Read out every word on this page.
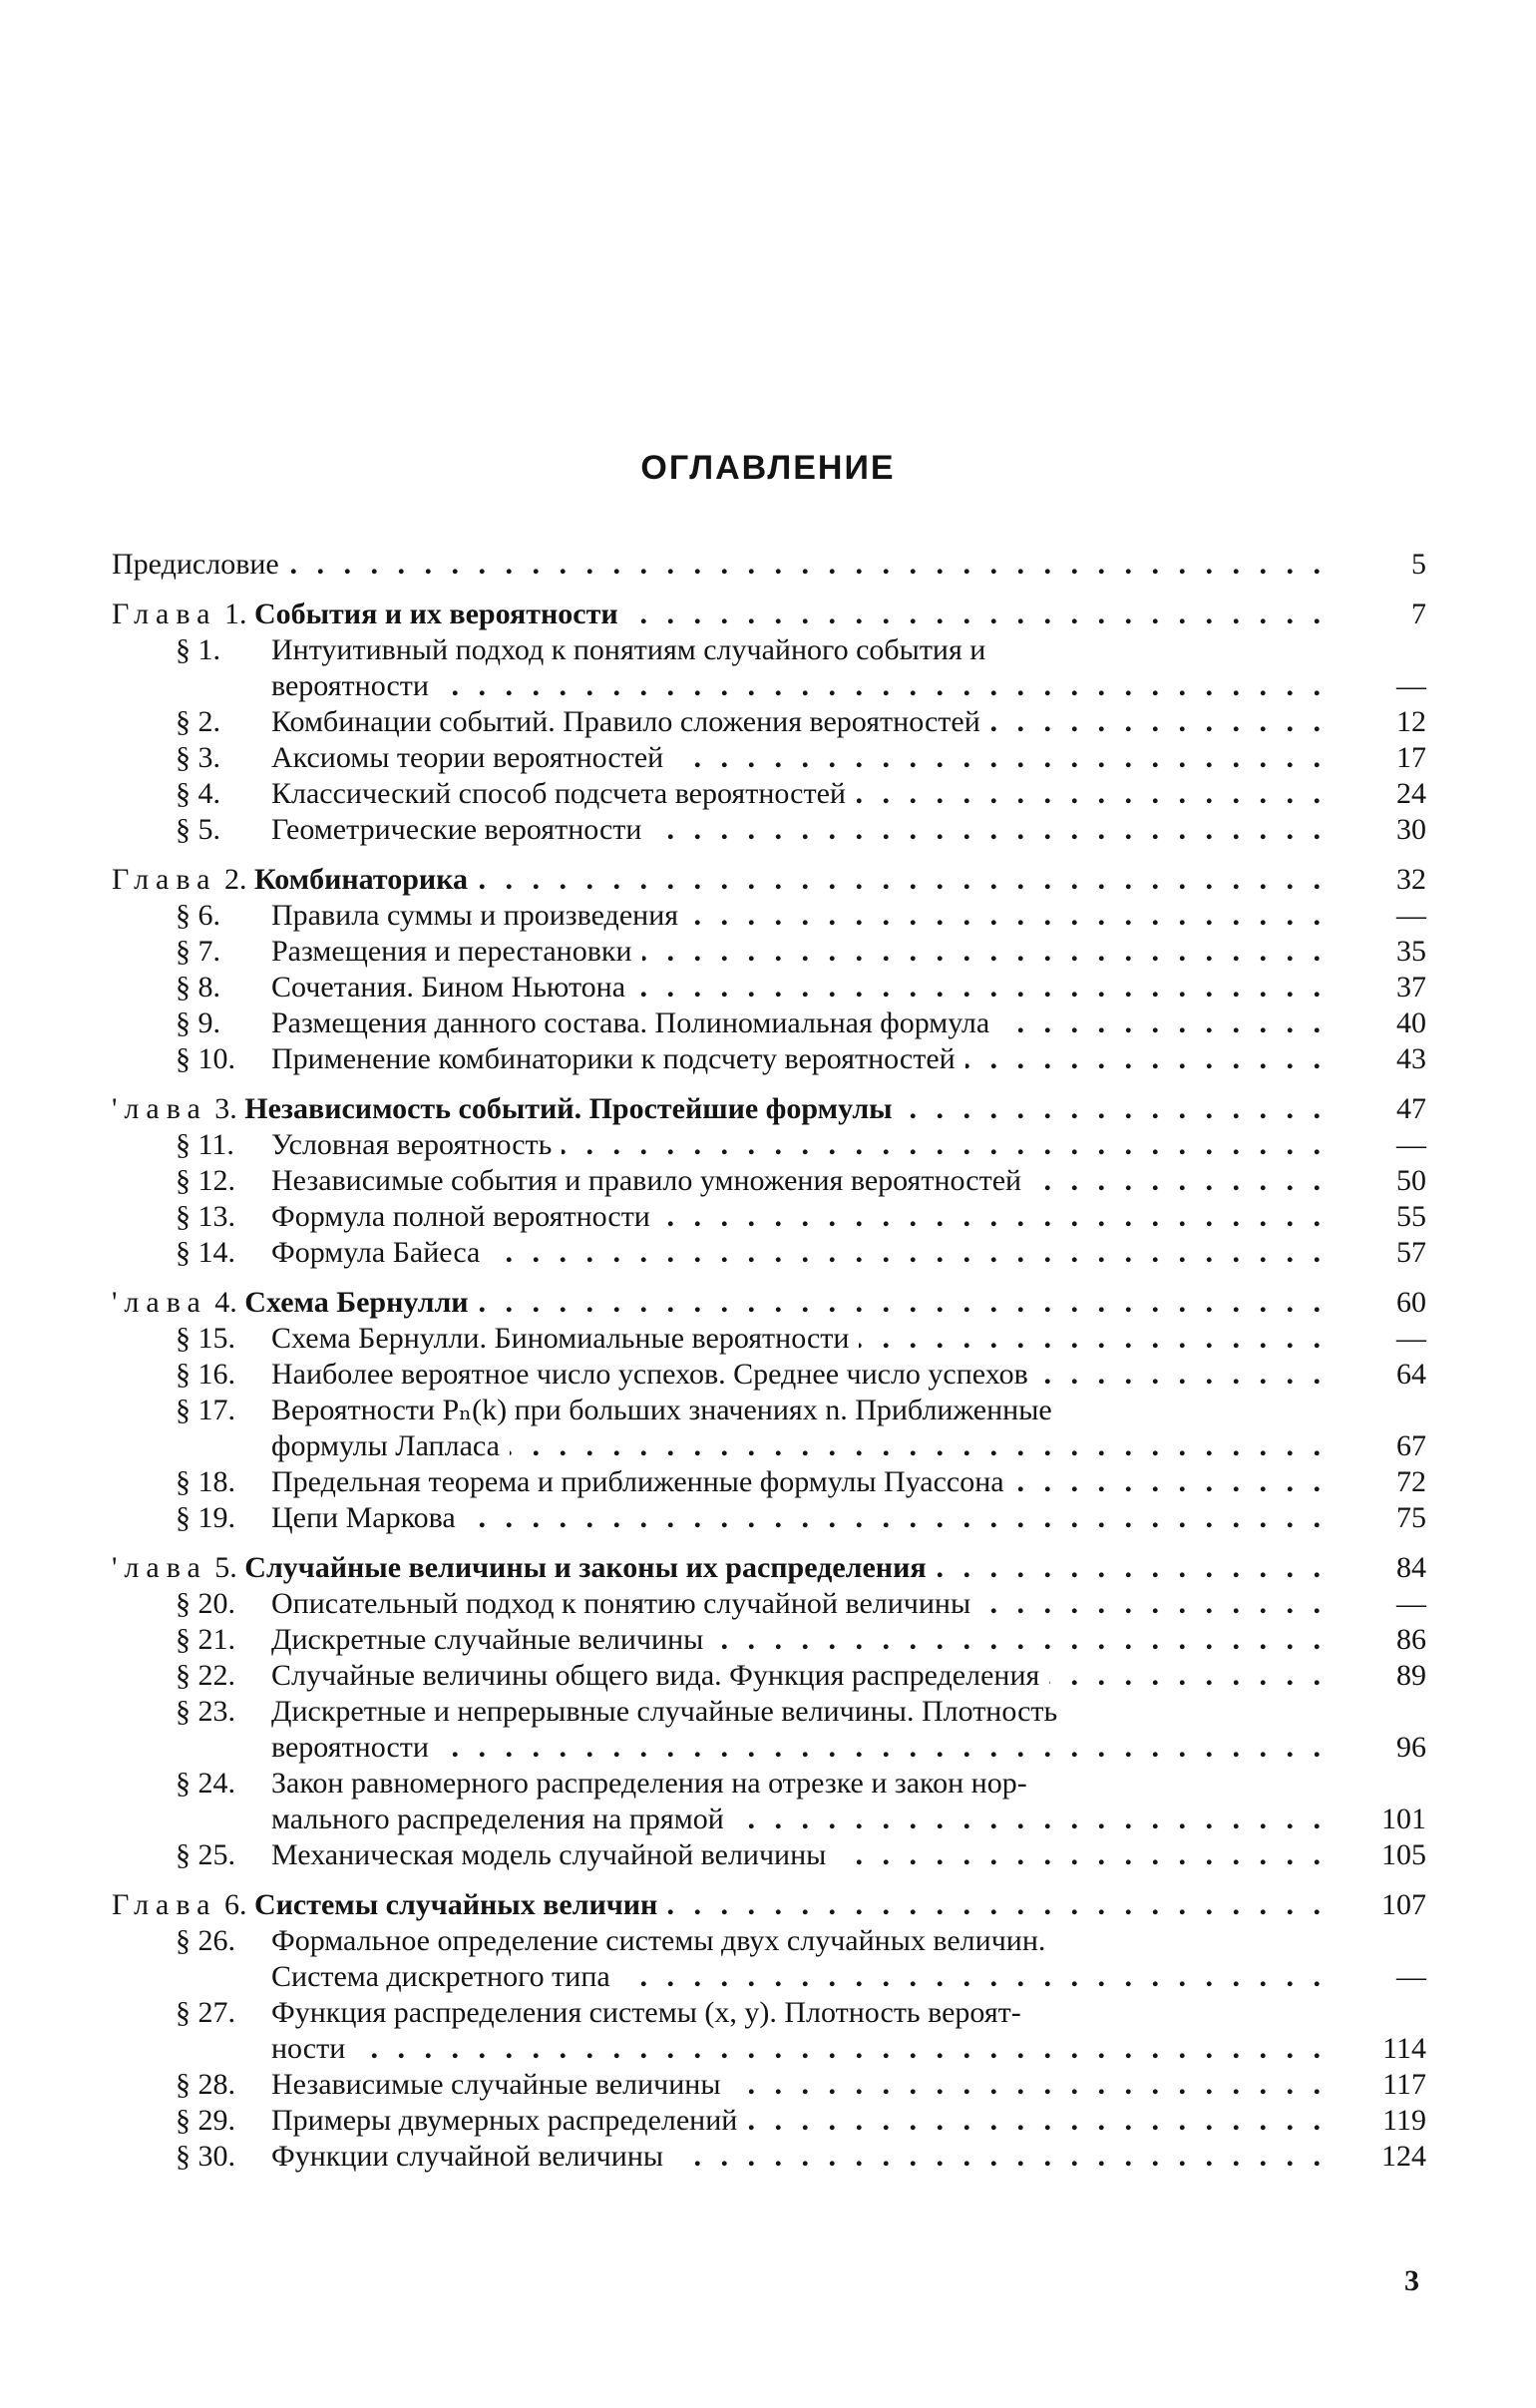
ОГЛАВЛЕНИЕ
Предисловие . . .	5
Глава 1. События и их вероятности . . .	7
§ 1.	Интуитивный подход к понятиям случайного события и
вероятности . . .	—
§ 2.	Комбинации событий. Правило сложения вероятностей . . .	12
§ 3.	Аксиомы теории вероятностей . . .	17
§ 4.	Классический способ подсчета вероятностей . . .	24
§ 5.	Геометрические вероятности . . .	30
Глава 2. Комбинаторика . . .	32
§ 6.	Правила суммы и произведения . . .	—
§ 7.	Размещения и перестановки . . .	35
§ 8.	Сочетания. Бином Ньютона . . .	37
§ 9.	Размещения данного состава. Полиномиальная формула . . .	40
§ 10.	Применение комбинаторики к подсчету вероятностей . . .	43
'лава 3. Независимость событий. Простейшие формулы . . .	47
§ 11.	Условная вероятность . . .	—
§ 12.	Независимые события и правило умножения вероятностей . . .	50
§ 13.	Формула полной вероятности . . .	55
§ 14.	Формула Байеса . . .	57
'лава 4. Схема Бернулли . . .	60
§ 15.	Схема Бернулли. Биномиальные вероятности . . .	—
§ 16.	Наиболее вероятное число успехов. Среднее число успехов . . .	64
§ 17.	Вероятности Pₙ(k) при больших значениях n. Приближенные
формулы Лапласа . . .	67
§ 18.	Предельная теорема и приближенные формулы Пуассона . . .	72
§ 19.	Цепи Маркова . . .	75
'лава 5. Случайные величины и законы их распределения . . .	84
§ 20.	Описательный подход к понятию случайной величины . . .	—
§ 21.	Дискретные случайные величины . . .	86
§ 22.	Случайные величины общего вида. Функция распределения . . .	89
§ 23.	Дискретные и непрерывные случайные величины. Плотность
вероятности . . .	96
§ 24.	Закон равномерного распределения на отрезке и закон нор-
мального распределения на прямой . . .	101
§ 25.	Механическая модель случайной величины . . .	105
Глава 6. Системы случайных величин . . .	107
§ 26.	Формальное определение системы двух случайных величин.
Система дискретного типа . . .	—
§ 27.	Функция распределения системы (x, y). Плотность вероят-
ности . . .	114
§ 28.	Независимые случайные величины . . .	117
§ 29.	Примеры двумерных распределений . . .	119
§ 30.	Функции случайной величины . . .	124
3
